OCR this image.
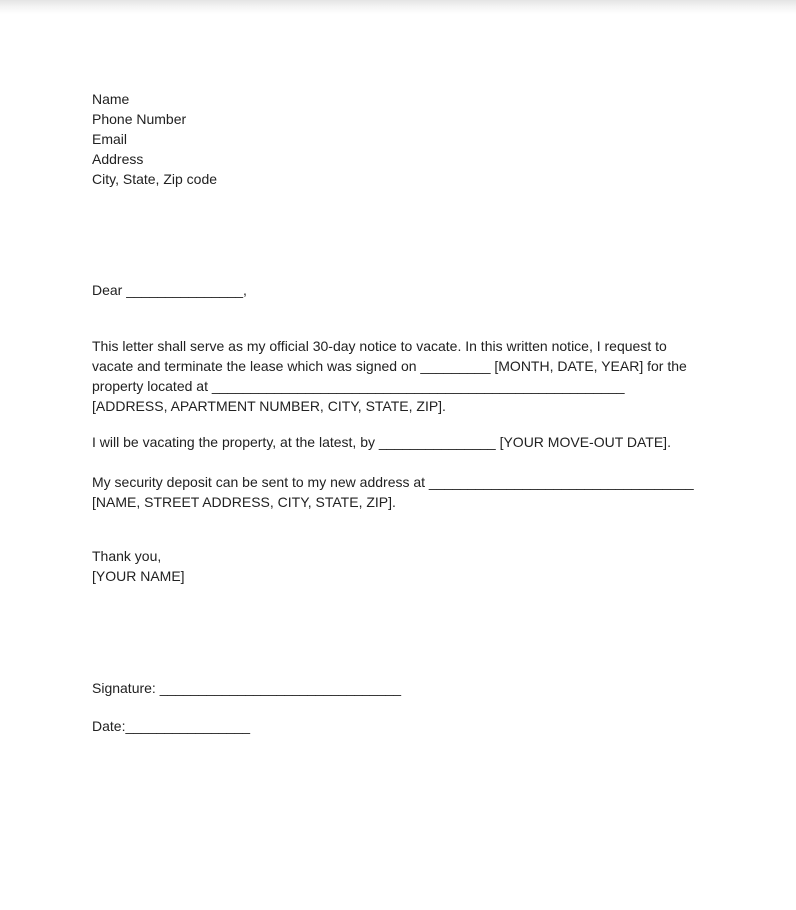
Name
Phone Number
Email
Address
City, State, Zip code
Dear _______________,
This letter shall serve as my official 30-day notice to vacate. In this written notice, I request to
vacate and terminate the lease which was signed on _________ [MONTH, DATE, YEAR] for the
property located at _____________________________________________________
[ADDRESS, APARTMENT NUMBER, CITY, STATE, ZIP].
I will be vacating the property, at the latest, by _______________ [YOUR MOVE-OUT DATE].
My security deposit can be sent to my new address at __________________________________
[NAME, STREET ADDRESS, CITY, STATE, ZIP].
Thank you,
[YOUR NAME]
Signature: _______________________________
Date:________________
